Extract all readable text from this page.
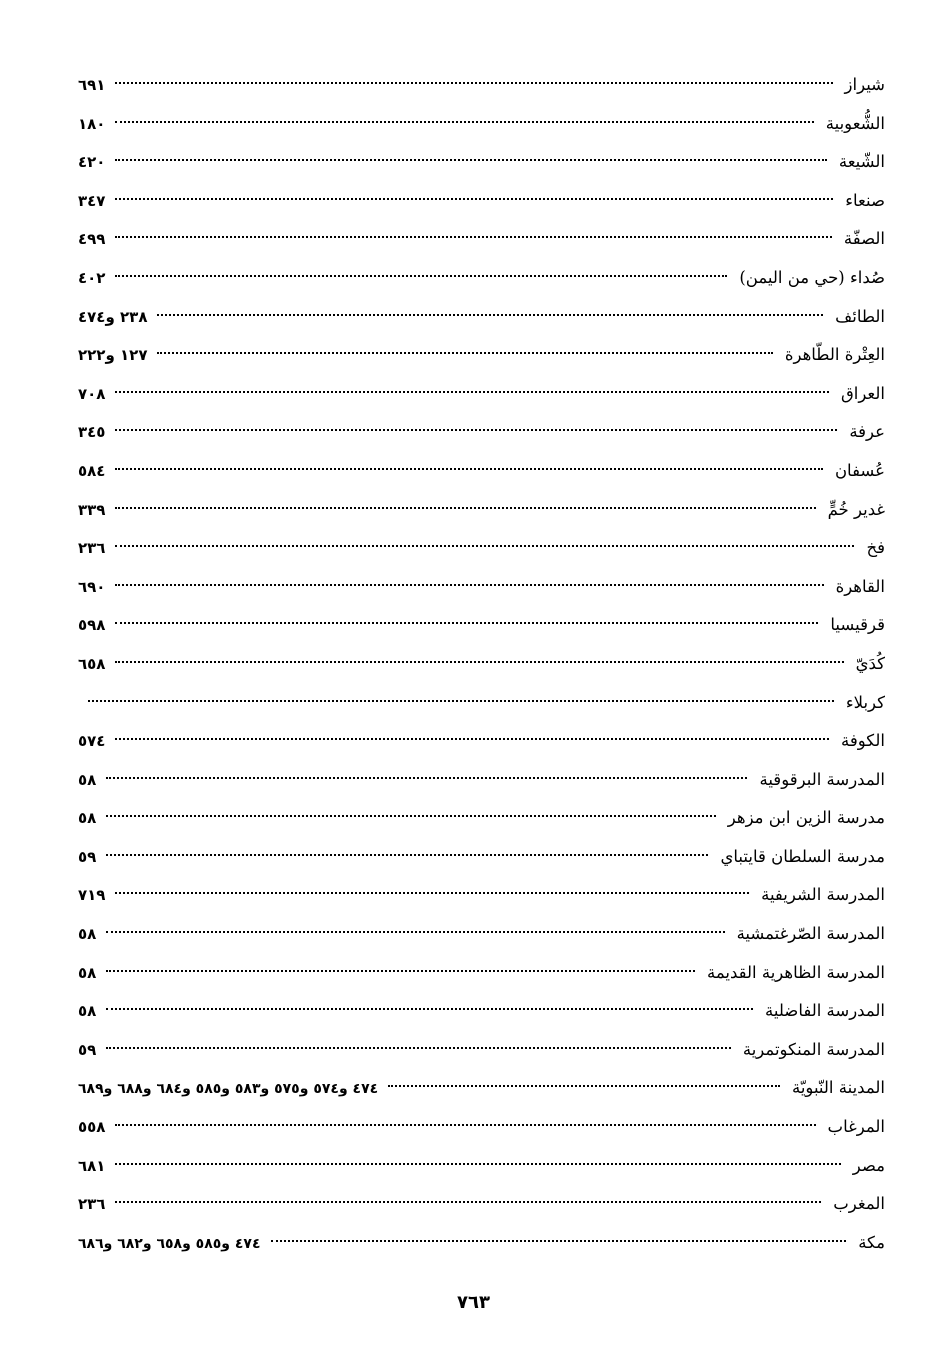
شيراز
٦٩١
الشُّعوبية
١٨٠
الشّيعة
٤٢٠
صنعاء
٣٤٧
الصفّة
٤٩٩
صُداء (حي من اليمن)
٤٠٢
الطائف
٢٣٨ و٤٧٤
العِتْرة الطّاهرة
١٢٧ و٢٢٢
العراق
٧٠٨
عرفة
٣٤٥
عُسفان
٥٨٤
غدير خُمٍّ
٣٣٩
فخ
٢٣٦
القاهرة
٦٩٠
قرقيسيا
٥٩٨
كُدَيّ
٦٥٨
كربلاء
الكوفة
٥٧٤
المدرسة البرقوقية
٥٨
مدرسة الزين ابن مزهر
٥٨
مدرسة السلطان قايتباي
٥٩
المدرسة الشريفية
٧١٩
المدرسة الصّرغتمشية
٥٨
المدرسة الظاهرية القديمة
٥٨
المدرسة الفاضلية
٥٨
المدرسة المنكوتمرية
٥٩
المدينة النّبويّة
٤٧٤ و٥٧٤ و٥٧٥ و٥٨٣ و٥٨٥ و٦٨٤ و٦٨٨ و٦٨٩
المرغاب
٥٥٨
مصر
٦٨١
المغرب
٢٣٦
مكة
٤٧٤ و٥٨٥ و٦٥٨ و٦٨٢ و٦٨٦
٧٦٣
